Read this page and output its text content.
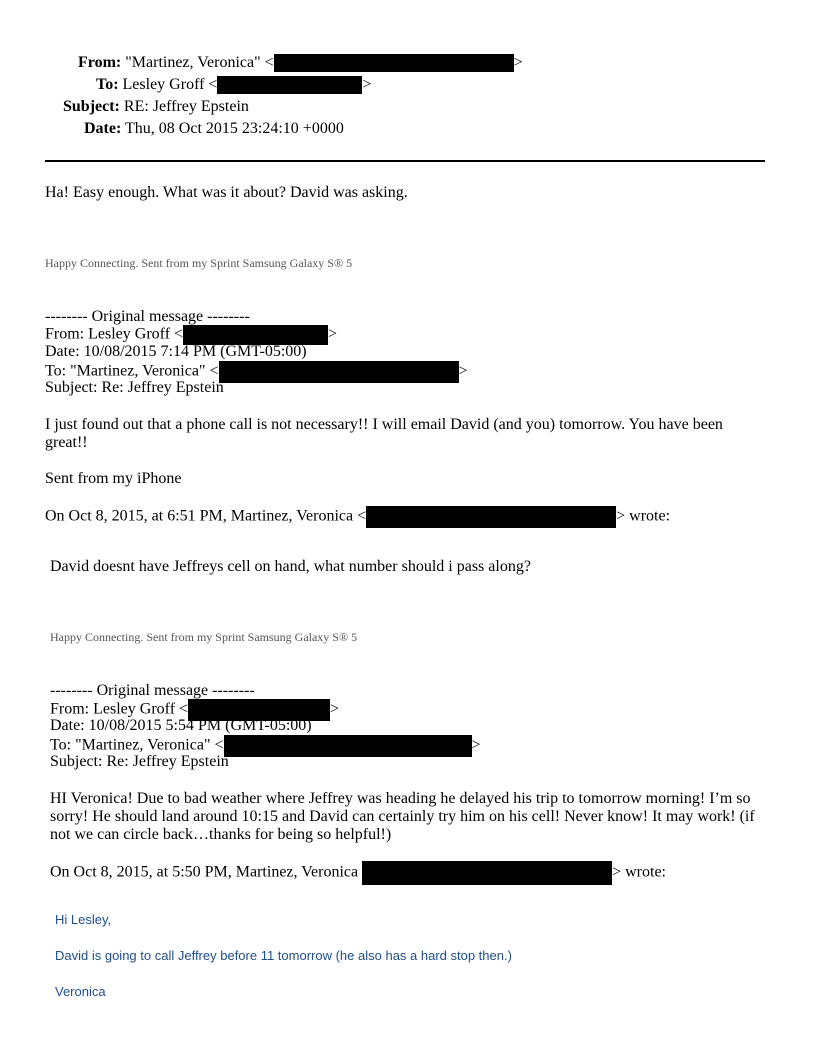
From: "Martinez, Veronica" <	>
To: Lesley Groff <	>
Subject: RE: Jeffrey Epstein
Date: Thu, 08 Oct 2015 23:24:10 +0000
Ha! Easy enough. What was it about? David was asking.
Happy Connecting. Sent from my Sprint Samsung Galaxy S® 5
-------- Original message --------
From: Lesley Groff <	>
Date: 10/08/2015 7:14 PM (GMT-05:00)
To: "Martinez, Veronica" <	>
Subject: Re: Jeffrey Epstein
I just found out that a phone call is not necessary!! I will email David (and you) tomorrow. You have been great!!
Sent from my iPhone
On Oct 8, 2015, at 6:51 PM, Martinez, Veronica <	> wrote:
David doesnt have Jeffreys cell on hand, what number should i pass along?
Happy Connecting. Sent from my Sprint Samsung Galaxy S® 5
-------- Original message --------
From: Lesley Groff <	>
Date: 10/08/2015 5:54 PM (GMT-05:00)
To: "Martinez, Veronica" <	>
Subject: Re: Jeffrey Epstein
HI Veronica! Due to bad weather where Jeffrey was heading he delayed his trip to tomorrow morning! I’m so sorry! He should land around 10:15 and David can certainly try him on his cell! Never know! It may work! (if not we can circle back…thanks for being so helpful!)
On Oct 8, 2015, at 5:50 PM, Martinez, Veronica	> wrote:
Hi Lesley,
David is going to call Jeffrey before 11 tomorrow (he also has a hard stop then.)
Veronica
